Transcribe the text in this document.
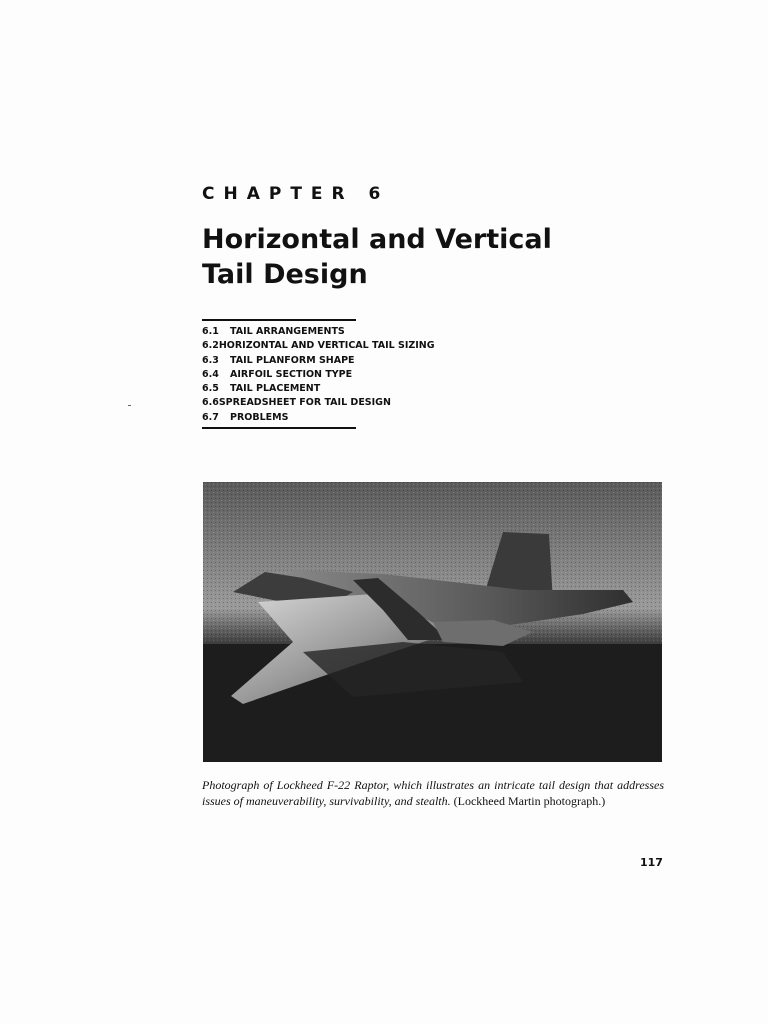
CHAPTER 6
Horizontal and Vertical
Tail Design
6.1	TAIL ARRANGEMENTS
6.2 HORIZONTAL AND VERTICAL TAIL SIZING
6.3	TAIL PLANFORM SHAPE
6.4	AIRFOIL SECTION TYPE
6.5	TAIL PLACEMENT
6.6 SPREADSHEET FOR TAIL DESIGN
6.7	PROBLEMS

Photograph of Lockheed F-22 Raptor, which illustrates an intricate tail design that addresses issues of maneuverability, survivability, and stealth. (Lockheed Martin photograph.)

117
